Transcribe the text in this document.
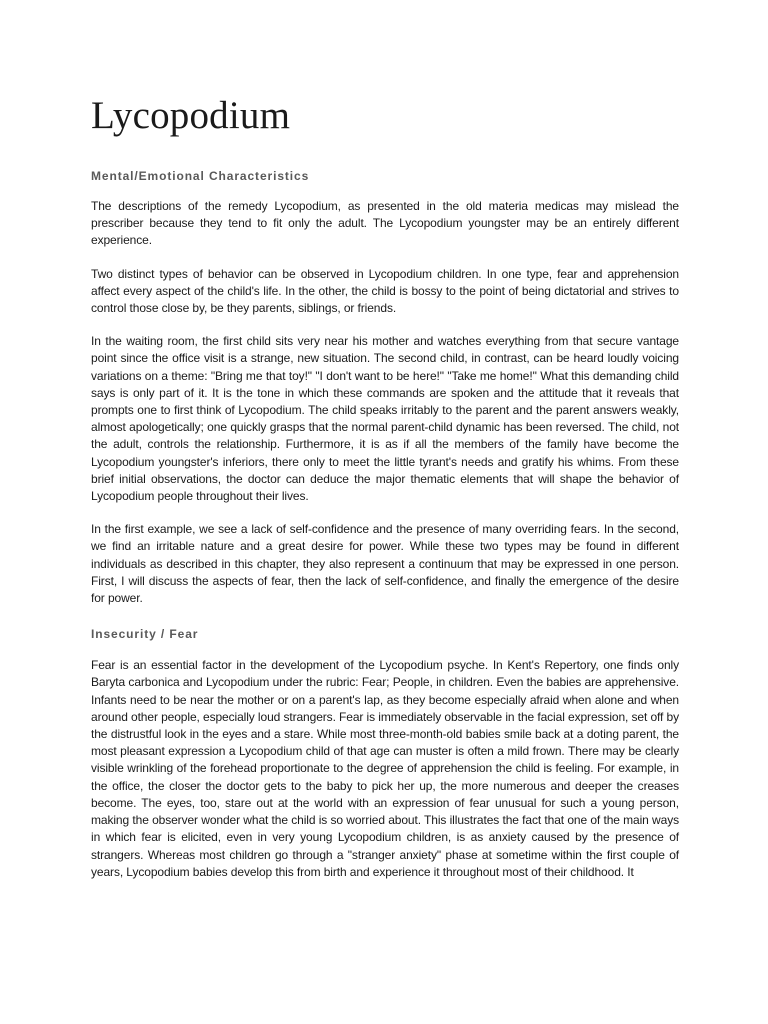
Lycopodium
Mental/Emotional Characteristics

The descriptions of the remedy Lycopodium, as presented in the old materia medicas may mislead the prescriber because they tend to fit only the adult. The Lycopodium youngster may be an entirely different experience.

Two distinct types of behavior can be observed in Lycopodium children. In one type, fear and apprehension affect every aspect of the child's life. In the other, the child is bossy to the point of being dictatorial and strives to control those close by, be they parents, siblings, or friends.

In the waiting room, the first child sits very near his mother and watches everything from that secure vantage point since the office visit is a strange, new situation. The second child, in contrast, can be heard loudly voicing variations on a theme: "Bring me that toy!" "I don't want to be here!" "Take me home!" What this demanding child says is only part of it. It is the tone in which these commands are spoken and the attitude that it reveals that prompts one to first think of Lycopodium. The child speaks irritably to the parent and the parent answers weakly, almost apologetically; one quickly grasps that the normal parent-child dynamic has been reversed. The child, not the adult, controls the relationship. Furthermore, it is as if all the members of the family have become the Lycopodium youngster's inferiors, there only to meet the little tyrant's needs and gratify his whims. From these brief initial observations, the doctor can deduce the major thematic elements that will shape the behavior of Lycopodium people throughout their lives.

In the first example, we see a lack of self-confidence and the presence of many overriding fears. In the second, we find an irritable nature and a great desire for power. While these two types may be found in different individuals as described in this chapter, they also represent a continuum that may be expressed in one person. First, I will discuss the aspects of fear, then the lack of self-confidence, and finally the emergence of the desire for power.

Insecurity / Fear

Fear is an essential factor in the development of the Lycopodium psyche. In Kent's Repertory, one finds only Baryta carbonica and Lycopodium under the rubric: Fear; People, in children. Even the babies are apprehensive. Infants need to be near the mother or on a parent's lap, as they become especially afraid when alone and when around other people, especially loud strangers. Fear is immediately observable in the facial expression, set off by the distrustful look in the eyes and a stare. While most three-month-old babies smile back at a doting parent, the most pleasant expression a Lycopodium child of that age can muster is often a mild frown. There may be clearly visible wrinkling of the forehead proportionate to the degree of apprehension the child is feeling. For example, in the office, the closer the doctor gets to the baby to pick her up, the more numerous and deeper the creases become. The eyes, too, stare out at the world with an expression of fear unusual for such a young person, making the observer wonder what the child is so worried about. This illustrates the fact that one of the main ways in which fear is elicited, even in very young Lycopodium children, is as anxiety caused by the presence of strangers. Whereas most children go through a "stranger anxiety" phase at sometime within the first couple of years, Lycopodium babies develop this from birth and experience it throughout most of their childhood. It
